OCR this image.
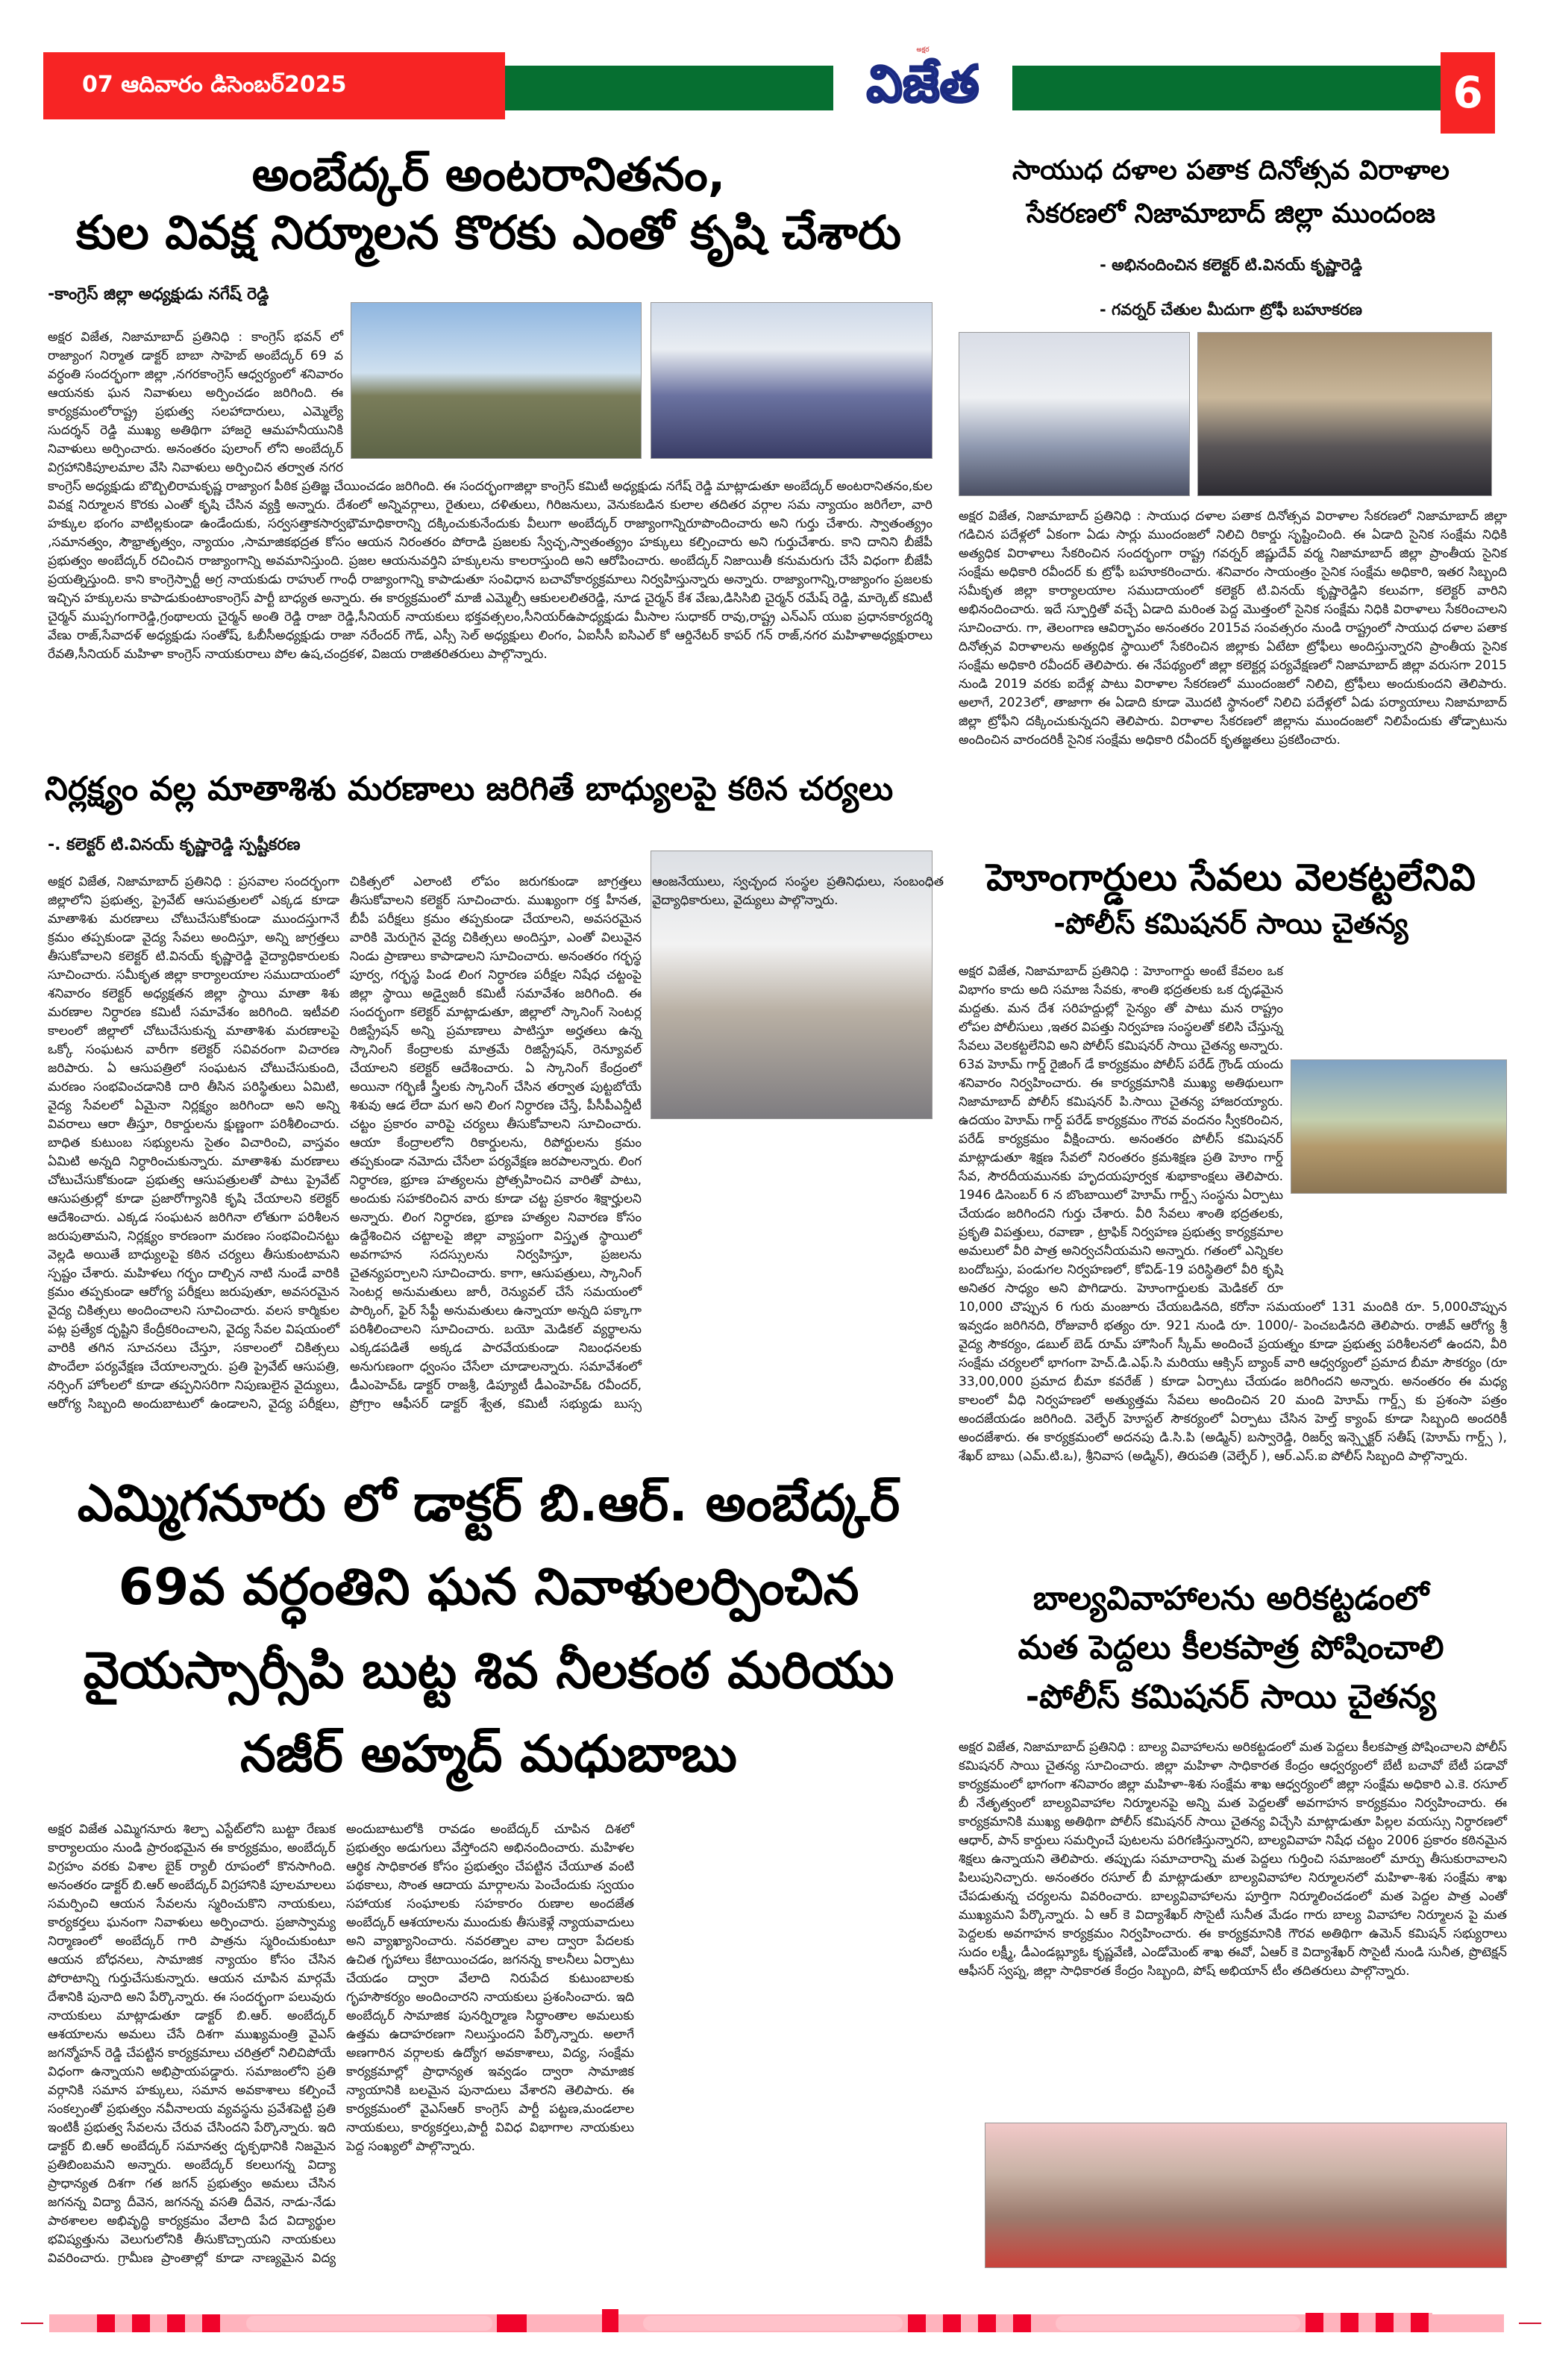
07 ఆదివారం డిసెంబర్2025
అక్షర
విజేత	6
అంబేద్కర్ అంటరానితనం,
కుల వివక్ష నిర్మూలన కొరకు ఎంతో కృషి చేశారు
-కాంగ్రెస్ జిల్లా అధ్యక్షుడు నగేష్ రెడ్డి

అక్షర విజేత, నిజామాబాద్ ప్రతినిధి : కాంగ్రెస్ భవన్ లో రాజ్యాంగ నిర్మాత డాక్టర్ బాబా సాహెబ్ అంబేద్కర్ 69 వ వర్ధంతి సందర్భంగా జిల్లా ,నగరకాంగ్రెస్ ఆధ్వర్యంలో శనివారం ఆయనకు ఘన నివాళులు అర్పించడం జరిగింది. ఈ కార్యక్రమంలోరాష్ట్ర ప్రభుత్వ సలహాదారులు, ఎమ్మెల్యే సుదర్శన్ రెడ్డి ముఖ్య అతిథిగా హాజరై ఆమహనీయునికి నివాళులు అర్పించారు. అనంతరం పులాంగ్ లోని అంబేద్కర్ విగ్రహానికిపూలమాల వేసి నివాళులు అర్పించిన తర్వాత నగర కాంగ్రెస్ అధ్యక్షుడు బొబ్బిలిరామకృష్ణ రాజ్యాంగ పీఠిక ప్రతిజ్ఞ చేయించడం జరిగింది. ఈ సందర్భంగాజిల్లా కాంగ్రెస్ కమిటీ అధ్యక్షుడు నగేష్ రెడ్డి మాట్లాడుతూ అంబేద్కర్ అంటరానితనం,కుల వివక్ష నిర్మూలన కొరకు ఎంతో కృషి చేసిన వ్యక్తి అన్నారు. దేశంలో అన్నివర్గాలు, రైతులు, దళితులు, గిరిజనులు, వెనుకబడిన కులాల తదితర వర్గాల సమ న్యాయం జరిగేలా, వారి హక్కుల భంగం వాటిల్లకుండా ఉండేందుకు, సర్వసత్తాకసార్వభౌమాధికారాన్ని దక్కించుకునేందుకు వీలుగా అంబేద్కర్ రాజ్యాంగాన్నిరూపొందించారు అని గుర్తు చేశారు. స్వాతంత్య్రం ,సమానత్వం, సౌభ్రాతృత్వం, న్యాయం ,సామాజికభద్రత కోసం ఆయన నిరంతరం పోరాడి ప్రజలకు స్వేచ్ఛ,స్వాతంత్య్రం హక్కులు కల్పించారు అని గుర్తుచేశారు. కాని దానిని బీజేపీ ప్రభుత్వం అంబేద్కర్ రచించిన రాజ్యాంగాన్ని అవమానిస్తుంది. ప్రజల ఆయనువర్తిని హక్కులను కాలరాస్తుంది అని ఆరోపించారు. అంబేద్కర్ నిజాయితీ కనుమరుగు చేసే విధంగా బీజేపీ ప్రయత్నిస్తుంది. కాని కాంగ్రెస్పార్టీ అగ్ర నాయకుడు రాహుల్ గాంధీ రాజ్యాంగాన్ని కాపాడుతూ సంవిధాన బచావోకార్యక్రమాలు నిర్వహిస్తున్నారు అన్నారు. రాజ్యాంగాన్ని,రాజ్యాంగం ప్రజలకు ఇచ్చిన హక్కులను కాపాడుకుంటాంకాంగ్రెస్ పార్టీ బాధ్యత అన్నారు. ఈ కార్యక్రమంలో మాజీ ఎమ్మెల్సీ ఆకులలలితరెడ్డి, నూడ చైర్మన్ కేశ వేణు,డిసిసిబి చైర్మన్ రమేష్ రెడ్డి, మార్కెట్ కమిటీ చైర్మన్ ముప్పగంగారెడ్డి,గ్రంథాలయ చైర్మన్ అంతి రెడ్డి రాజా రెడ్డి,సీనియర్ నాయకులు భక్తవత్సలం,సీనియర్ఉపాధ్యక్షుడు మీసాల సుధాకర్ రావు,రాష్ట్ర ఎన్ఎస్ యుఐ ప్రధానకార్యదర్శి వేణు రాజ్,సేవాదళ్ అధ్యక్షుడు సంతోష్, ఓబీసీఅధ్యక్షుడు రాజా నరేందర్ గౌడ్, ఎస్సీ సెల్ అధ్యక్షులు లింగం, ఏఐసీసీ ఐసిఎల్ కో ఆర్డినేటర్ కాపర్ గన్ రాజ్,నగర మహిళాఅధ్యక్షురాలు రేవతి,సీనియర్ మహిళా కాంగ్రెస్ నాయకురాలు పోల ఉష,చంద్రకళ, విజయ రాజితరితరులు పాల్గొన్నారు.

నిర్లక్ష్యం వల్ల మాతాశిశు మరణాలు జరిగితే బాధ్యులపై కఠిన చర్యలు
-. కలెక్టర్ టి.వినయ్ కృష్ణారెడ్డి స్పష్టీకరణ

అక్షర విజేత, నిజామాబాద్ ప్రతినిధి : ప్రసవాల సందర్భంగా జిల్లాలోని ప్రభుత్వ, ప్రైవేట్ ఆసుపత్రులలో ఎక్కడ కూడా మాతాశిశు మరణాలు చోటుచేసుకోకుండా ముందస్తుగానే క్రమం తప్పకుండా వైద్య సేవలు అందిస్తూ, అన్ని జాగ్రత్తలు తీసుకోవాలని కలెక్టర్ టి.వినయ్ కృష్ణారెడ్డి వైద్యాధికారులకు సూచించారు. సమీకృత జిల్లా కార్యాలయాల సముదాయంలో శనివారం కలెక్టర్ అధ్యక్షతన జిల్లా స్థాయి మాతా శిశు మరణాల నిర్ధారణ కమిటీ సమావేశం జరిగింది. ఇటీవలి కాలంలో జిల్లాలో చోటుచేసుకున్న మాతాశిశు మరణాలపై ఒక్కో సంఘటన వారీగా కలెక్టర్ సవివరంగా విచారణ జరిపారు. ఏ ఆసుపత్రిలో సంఘటన చోటుచేసుకుంది, మరణం సంభవించడానికి దారి తీసిన పరిస్థితులు ఏమిటి, వైద్య సేవలలో ఏమైనా నిర్లక్ష్యం జరిగిందా అని అన్ని వివరాలు ఆరా తీస్తూ, రికార్డులను క్షుణ్ణంగా పరిశీలించారు. బాధిత కుటుంబ సభ్యులను సైతం విచారించి, వాస్తవం ఏమిటి అన్నది నిర్ధారించుకున్నారు. మాతాశిశు మరణాలు చోటుచేసుకోకుండా ప్రభుత్వ ఆసుపత్రులతో పాటు ప్రైవేట్ ఆసుపత్రుల్లో కూడా ప్రజారోగ్యానికి కృషి చేయాలని కలెక్టర్ ఆదేశించారు. ఎక్కడ సంఘటన జరిగినా లోతుగా పరిశీలన జరుపుతామని, నిర్లక్ష్యం కారణంగా మరణం సంభవించినట్టు వెల్లడి అయితే బాధ్యులపై కఠిన చర్యలు తీసుకుంటామని స్పష్టం చేశారు. మహిళలు గర్భం దాల్చిన నాటి నుండే వారికి క్రమం తప్పకుండా ఆరోగ్య పరీక్షలు జరుపుతూ, అవసరమైన వైద్య చికిత్సలు అందించాలని సూచించారు. వలస కార్మికుల పట్ల ప్రత్యేక దృష్టిని కేంద్రీకరించాలని, వైద్య సేవల విషయంలో వారికి తగిన సూచనలు చేస్తూ, సకాలంలో చికిత్సలు పొందేలా పర్యవేక్షణ చేయాలన్నారు. ప్రతి ప్రైవేట్ ఆసుపత్రి, నర్సింగ్ హోంలలో కూడా తప్పనిసరిగా నిపుణులైన వైద్యులు, ఆరోగ్య సిబ్బంది అందుబాటులో ఉండాలని, వైద్య పరీక్షలు, చికిత్సలో ఎలాంటి లోపం జరుగకుండా జాగ్రత్తలు తీసుకోవాలని కలెక్టర్ సూచించారు. ముఖ్యంగా రక్త హీనత, బీపీ పరీక్షలు క్రమం తప్పకుండా చేయాలని, అవసరమైన వారికి మెరుగైన వైద్య చికిత్సలు అందిస్తూ, ఎంతో విలువైన నిండు ప్రాణాలు కాపాడాలని సూచించారు. అనంతరం గర్భస్థ పూర్వ, గర్భస్థ పిండ లింగ నిర్ధారణ పరీక్షల నిషేధ చట్టంపై జిల్లా స్థాయి అడ్వైజరీ కమిటీ సమావేశం జరిగింది. ఈ సందర్భంగా కలెక్టర్ మాట్లాడుతూ, జిల్లాలో స్కానింగ్ సెంటర్ల రిజిస్ట్రేషన్ అన్ని ప్రమాణాలు పాటిస్తూ అర్హతలు ఉన్న స్కానింగ్ కేంద్రాలకు మాత్రమే రిజిస్ట్రేషన్, రెన్యూవల్ చేయాలని కలెక్టర్ ఆదేశించారు. ఏ స్కానింగ్ కేంద్రంలో అయినా గర్భిణీ స్త్రీలకు స్కానింగ్ చేసిన తర్వాత పుట్టబోయే శిశువు ఆడ లేదా మగ అని లింగ నిర్ధారణ చేస్తే, పీసీపీఎన్డీటీ చట్టం ప్రకారం వారిపై చర్యలు తీసుకోవాలని సూచించారు. ఆయా కేంద్రాలలోని రికార్డులను, రిపోర్టులను క్రమం తప్పకుండా నమోదు చేసేలా పర్యవేక్షణ జరపాలన్నారు. లింగ నిర్ధారణ, భ్రూణ హత్యలను ప్రోత్సహించిన వారితో పాటు, అందుకు సహకరించిన వారు కూడా చట్ట ప్రకారం శిక్షార్హులని అన్నారు. లింగ నిర్ధారణ, భ్రూణ హత్యల నివారణ కోసం ఉద్దేశించిన చట్టాలపై జిల్లా వ్యాప్తంగా విస్తృత స్థాయిలో అవగాహన సదస్సులను నిర్వహిస్తూ, ప్రజలను చైతన్యపర్చాలని సూచించారు. కాగా, ఆసుపత్రులు, స్కానింగ్ సెంటర్ల అనుమతులు జారీ, రెన్యువల్ చేసే సమయంలో పార్కింగ్, ఫైర్ సేఫ్టీ అనుమతులు ఉన్నాయా అన్నది పక్కాగా పరిశీలించాలని సూచించారు. బయో మెడికల్ వ్యర్థాలను ఎక్కడపడితే అక్కడ పారవేయకుండా నిబంధనలకు అనుగుణంగా ధ్వంసం చేసేలా చూడాలన్నారు. సమావేశంలో డీఎంహెచ్ఓ డాక్టర్ రాజశ్రీ, డిప్యూటీ డీఎంహెచ్ఓ రవీందర్, ప్రోగ్రాం ఆఫీసర్ డాక్టర్ శ్వేత, కమిటీ సభ్యుడు బుస్స ఆంజనేయులు, స్వచ్ఛంద సంస్థల ప్రతినిధులు, సంబంధిత వైద్యాధికారులు, వైద్యులు పాల్గొన్నారు.

ఎమ్మిగనూరు లో డాక్టర్ బి.ఆర్. అంబేద్కర్
69వ వర్ధంతిని ఘన నివాళులర్పించిన
వైయస్సార్సీపి బుట్ట శివ నీలకంఠ మరియు
నజీర్ అహ్మద్ మధుబాబు

అక్షర విజేత ఎమ్మిగనూరు శిల్పా ఎస్టేట్‌లోని బుట్టా రేణుక కార్యాలయం నుండి ప్రారంభమైన ఈ కార్యక్రమం, అంబేద్కర్ విగ్రహం వరకు విశాల బైక్ ర్యాలీ రూపంలో కొనసాగింది. అనంతరం డాక్టర్ బి.ఆర్ అంబేద్కర్ విగ్రహానికి పూలమాలలు సమర్పించి ఆయన సేవలను స్మరించుకొని నాయకులు, కార్యకర్తలు ఘనంగా నివాళులు అర్పించారు. ప్రజాస్వామ్య నిర్మాణంలో అంబేద్కర్ గారి పాత్రను స్మరించుకుంటూ ఆయన బోధనలు, సామాజిక న్యాయం కోసం చేసిన పోరాటాన్ని గుర్తుచేసుకున్నారు. ఆయన చూపిన మార్గమే దేశానికి పునాది అని పేర్కొన్నారు. ఈ సందర్భంగా పలువురు నాయకులు మాట్లాడుతూ డాక్టర్ బి.ఆర్. అంబేద్కర్ ఆశయాలను అమలు చేసే దిశగా ముఖ్యమంత్రి వైఎస్ జగన్మోహన్ రెడ్డి చేపట్టిన కార్యక్రమాలు చరిత్రలో నిలిచిపోయే విధంగా ఉన్నాయని అభిప్రాయపడ్డారు. సమాజంలోని ప్రతి వర్గానికి సమాన హక్కులు, సమాన అవకాశాలు కల్పించే సంకల్పంతో ప్రభుత్వం నవీనాలయ వ్యవస్థను ప్రవేశపెట్టి ప్రతి ఇంటికీ ప్రభుత్వ సేవలను చేరువ చేసిందని పేర్కొన్నారు. ఇది డాక్టర్ బి.ఆర్ అంబేద్కర్ సమానత్వ దృక్పథానికి నిజమైన ప్రతిబింబమని అన్నారు. అంబేద్కర్ కలలుగన్న విద్యా ప్రాధాన్యత దిశగా గత జగన్ ప్రభుత్వం అమలు చేసిన జగనన్న విద్యా దీవెన, జగనన్న వసతి దీవెన, నాడు-నేడు పాఠశాలల అభివృద్ధి కార్యక్రమం వేలాది పేద విద్యార్థుల భవిష్యత్తును వెలుగులోనికి తీసుకొచ్చాయని నాయకులు వివరించారు. గ్రామీణ ప్రాంతాల్లో కూడా నాణ్యమైన విద్య అందుబాటులోకి రావడం అంబేద్కర్ చూపిన దిశలో ప్రభుత్వం అడుగులు వేస్తోందని అభినందించారు. మహిళల ఆర్థిక సాధికారత కోసం ప్రభుత్వం చేపట్టిన చేయూత వంటి పథకాలు, సొంత ఆదాయ మార్గాలను పెంచేందుకు స్వయం సహాయక సంఘాలకు సహకారం రుణాల అందజేత అంబేద్కర్ ఆశయాలను ముందుకు తీసుకెళ్లే న్యాయవాదులు అని వ్యాఖ్యానించారు. నవరత్నాల వాల ద్వారా పేదలకు ఉచిత గృహాలు కేటాయించడం, జగనన్న కాలనీలు ఏర్పాటు చేయడం ద్వారా వేలాది నిరుపేద కుటుంబాలకు గృహసౌకర్యం అందించారని నాయకులు ప్రశంసించారు. ఇది అంబేద్కర్ సామాజిక పునర్నిర్మాణ సిద్ధాంతాల అమలుకు ఉత్తమ ఉదాహరణగా నిలుస్తుందని పేర్కొన్నారు. అలాగే అణగారిన వర్గాలకు ఉద్యోగ అవకాశాలు, విద్య, సంక్షేమ కార్యక్రమాల్లో ప్రాధాన్యత ఇవ్వడం ద్వారా సామాజిక న్యాయానికి బలమైన పునాదులు వేశారని తెలిపారు. ఈ కార్యక్రమంలో వైఎస్ఆర్ కాంగ్రెస్ పార్టీ పట్టణ,మండలాల నాయకులు, కార్యకర్తలు,పార్టీ వివిధ విభాగాల నాయకులు పెద్ద సంఖ్యలో పాల్గొన్నారు.

సాయుధ దళాల పతాక దినోత్సవ విరాళాల
సేకరణలో నిజామాబాద్ జిల్లా ముందంజ
- అభినందించిన కలెక్టర్ టి.వినయ్ కృష్ణారెడ్డి
- గవర్నర్ చేతుల మీదుగా ట్రోఫీ బహూకరణ

అక్షర విజేత, నిజామాబాద్ ప్రతినిధి : సాయుధ దళాల పతాక దినోత్సవ విరాళాల సేకరణలో నిజామాబాద్ జిల్లా గడిచిన పదేళ్లలో ఏకంగా ఏడు సార్లు ముందంజలో నిలిచి రికార్డు సృష్టించింది. ఈ ఏడాది సైనిక సంక్షేమ నిధికి అత్యధిక విరాళాలు సేకరించిన సందర్భంగా రాష్ట్ర గవర్నర్ జిష్ణుదేవ్ వర్మ నిజామాబాద్ జిల్లా ప్రాంతీయ సైనిక సంక్షేమ అధికారి రవీందర్ కు ట్రోఫీ బహూకరించారు. శనివారం సాయంత్రం సైనిక సంక్షేమ అధికారి, ఇతర సిబ్బంది సమీకృత జిల్లా కార్యాలయాల సముదాయంలో కలెక్టర్ టి.వినయ్ కృష్ణారెడ్డిని కలువగా, కలెక్టర్ వారిని అభినందించారు. ఇదే స్ఫూర్తితో వచ్చే ఏడాది మరింత పెద్ద మొత్తంలో సైనిక సంక్షేమ నిధికి విరాళాలు సేకరించాలని సూచించారు. గా, తెలంగాణ ఆవిర్భావం అనంతరం 2015వ సంవత్సరం నుండి రాష్ట్రంలో సాయుధ దళాల పతాక దినోత్సవ విరాళాలను అత్యధిక స్థాయిలో సేకరించిన జిల్లాకు ఏటేటా ట్రోఫీలు అందిస్తున్నారని ప్రాంతీయ సైనిక సంక్షేమ అధికారి రవీందర్ తెలిపారు. ఈ నేపథ్యంలో జిల్లా కలెక్టర్ల పర్యవేక్షణలో నిజామాబాద్ జిల్లా వరుసగా 2015 నుండి 2019 వరకు ఐదేళ్ల పాటు విరాళాల సేకరణలో ముందంజలో నిలిచి, ట్రోఫీలు అందుకుందని తెలిపారు. అలాగే, 2023లో, తాజాగా ఈ ఏడాది కూడా మొదటి స్థానంలో నిలిచి పదేళ్లలో ఏడు పర్యాయాలు నిజామాబాద్ జిల్లా ట్రోఫీని దక్కించుకున్నదని తెలిపారు. విరాళాల సేకరణలో జిల్లాను ముందంజలో నిలిపేందుకు తోడ్పాటును అందించిన వారందరికీ సైనిక సంక్షేమ అధికారి రవీందర్ కృతజ్ఞతలు ప్రకటించారు.

హెూంగార్డులు సేవలు వెలకట్టలేనివి
-పోలీస్ కమిషనర్ సాయి చైతన్య

అక్షర విజేత, నిజామాబాద్ ప్రతినిధి : హెూంగార్డు అంటే కేవలం ఒక విభాగం కాదు అది సమాజ సేవకు, శాంతి భద్రతలకు ఒక దృఢమైన మద్దతు. మన దేశ సరిహద్దుల్లో సైన్యం తో పాటు మన రాష్ట్రం లోపల పోలీసులు ,ఇతర విపత్తు నిర్వహణ సంస్థలతో కలిసి చేస్తున్న సేవలు వెలకట్టలేనివి అని పోలీస్ కమిషనర్ సాయి చైతన్య అన్నారు. 63వ హెూమ్ గార్డ్ రైజింగ్ డే కార్యక్రమం పోలీస్ పరేడ్ గ్రౌండ్ యందు శనివారం నిర్వహించారు. ఈ కార్యక్రమానికి ముఖ్య అతిథులుగా నిజామాబాద్ పోలీస్ కమిషనర్ పి.సాయి చైతన్య హాజరయ్యారు. ఉదయం హెూమ్ గార్డ్ పరేడ్ కార్యక్రమం గౌరవ వందనం స్వీకరించిన, పరేడ్ కార్యక్రమం వీక్షించారు. అనంతరం పోలీస్ కమిషనర్ మాట్లాడుతూ శిక్షణ సేవలో నిరంతరం క్రమశిక్షణ ప్రతి హెూం గార్డ్ సేవ, సౌరదీయమునకు హృదయపూర్వక శుభాకాంక్షలు తెలిపారు. 1946 డిసెంబర్ 6 న బొంబాయిలో హెూమ్ గార్డ్స్ సంస్థను ఏర్పాటు చేయడం జరిగిందని గుర్తు చేశారు. వీరి సేవలు శాంతి భద్రతలకు, ప్రకృతి విపత్తులు, రవాణా , ట్రాఫిక్ నిర్వహణ ప్రభుత్వ కార్యక్రమాల అమలులో వీరి పాత్ర అనిర్వచనీయమని అన్నారు. గతంలో ఎన్నికల బందోబస్తు, పండుగల నిర్వహణలో, కోవిడ్-19 పరిస్థితిలో వీరి కృషి అనితర సాధ్యం అని పొగిడారు. హెూంగార్డులకు మెడికల్ రూ 10,000 చొప్పున 6 గురు మంజూరు చేయబడినది, కరోనా సమయంలో 131 మందికి రూ. 5,000చొప్పున ఇవ్వడం జరిగినది, రోజువారీ భత్యం రూ. 921 నుండి రూ. 1000/- పెంచబడినది తెలిపారు. రాజీవ్ ఆరోగ్య శ్రీ వైద్య సౌకర్యం, డబుల్ బెడ్ రూమ్ హౌసింగ్ స్కీమ్ అందించే ప్రయత్నం కూడా ప్రభుత్వ పరిశీలనలో ఉందని, వీరి సంక్షేమ చర్యలలో భాగంగా హెచ్.డి.ఎఫ్.సి మరియు ఆక్సిస్ బ్యాంక్ వారి ఆధ్వర్యంలో ప్రమాద బీమా సౌకర్యం (రూ 33,00,000 ప్రమాద బీమా కవరేజ్ ) కూడా ఏర్పాటు చేయడం జరిగిందని అన్నారు. అనంతరం ఈ మధ్య కాలంలో వీధి నిర్వహణలో అత్యుత్తమ సేవలు అందించిన 20 మంది హెూమ్ గార్డ్స్ కు ప్రశంసా పత్రం అందజేయడం జరిగింది. వెల్ఫేర్ హెూస్టల్ సౌకర్యంలో ఏర్పాటు చేసిన హెల్త్ క్యాంప్ కూడా సిబ్బంది అందరికీ అందజేశారు. ఈ కార్యక్రమంలో అదనపు డి.సి.పి (అడ్మిన్) బస్వారెడ్డి, రిజర్వ్ ఇన్స్పెక్టర్ సతీష్ (హెూమ్ గార్డ్స్ ), శేఖర్ బాబు (ఎమ్.టి.ఒ), శ్రీనివాస (అడ్మిన్), తిరుపతి (వెల్ఫేర్ ), ఆర్.ఎస్.ఐ పోలీస్ సిబ్బంది పాల్గొన్నారు.

బాల్యవివాహాలను అరికట్టడంలో
మత పెద్దలు కీలకపాత్ర పోషించాలి
-పోలీస్ కమిషనర్ సాయి చైతన్య

అక్షర విజేత, నిజామాబాద్ ప్రతినిధి : బాల్య వివాహాలను అరికట్టడంలో మత పెద్దలు కీలకపాత్ర పోషించాలని పోలీస్ కమిషనర్ సాయి చైతన్య సూచించారు. జిల్లా మహిళా సాధికారత కేంద్రం ఆధ్వర్యంలో బేటీ బచావో బేటీ పడావో కార్యక్రమంలో భాగంగా శనివారం జిల్లా మహిళా-శిశు సంక్షేమ శాఖ ఆధ్వర్యంలో జిల్లా సంక్షేమ అధికారి ఎ.కె. రసూల్ బీ నేతృత్వంలో బాల్యవివాహాల నిర్మూలనపై అన్ని మత పెద్దలతో అవగాహన కార్యక్రమం నిర్వహించారు. ఈ కార్యక్రమానికి ముఖ్య అతిథిగా పోలీస్ కమిషనర్ సాయి చైతన్య విచ్చేసి మాట్లాడుతూ పిల్లల వయస్సు నిర్ధారణలో ఆధార్, పాన్ కార్డులు సమర్పించే పుటలను పరిగణిస్తున్నారని, బాల్యవివాహ నిషేధ చట్టం 2006 ప్రకారం కఠినమైన శిక్షలు ఉన్నాయని తెలిపారు. తప్పుడు సమాచారాన్ని మత పెద్దలు గుర్తించి సమాజంలో మార్పు తీసుకురావాలని పిలుపునిచ్చారు. అనంతరం రసూల్ బీ మాట్లాడుతూ బాల్యవివాహాల నిర్మూలనలో మహిళా-శిశు సంక్షేమ శాఖ చేపడుతున్న చర్యలను వివరించారు. బాల్యవివాహాలను పూర్తిగా నిర్మూలించడంలో మత పెద్దల పాత్ర ఎంతో ముఖ్యమని పేర్కొన్నారు. ఏ ఆర్ కె విద్యాశేఖర్ సొసైటీ సునీత మేడం గారు బాల్య వివాహాల నిర్మూలన పై మత పెద్దలకు అవగాహన కార్యక్రమం నిర్వహించారు. ఈ కార్యక్రమానికి గౌరవ అతిథిగా ఉమెన్ కమిషన్ సభ్యురాలు సుదం లక్ష్మీ, డీఎండబ్ల్యూఓ కృష్ణవేణి, ఎండోమెంట్ శాఖ ఈవో, ఏఆర్ కె విద్యాశేఖర్ సొసైటీ నుండి సునీత, ప్రొటెక్షన్ ఆఫీసర్ స్వప్న, జిల్లా సాధికారత కేంద్రం సిబ్బంది, పోష్ అభియాన్ టీం తదితరులు పాల్గొన్నారు.
